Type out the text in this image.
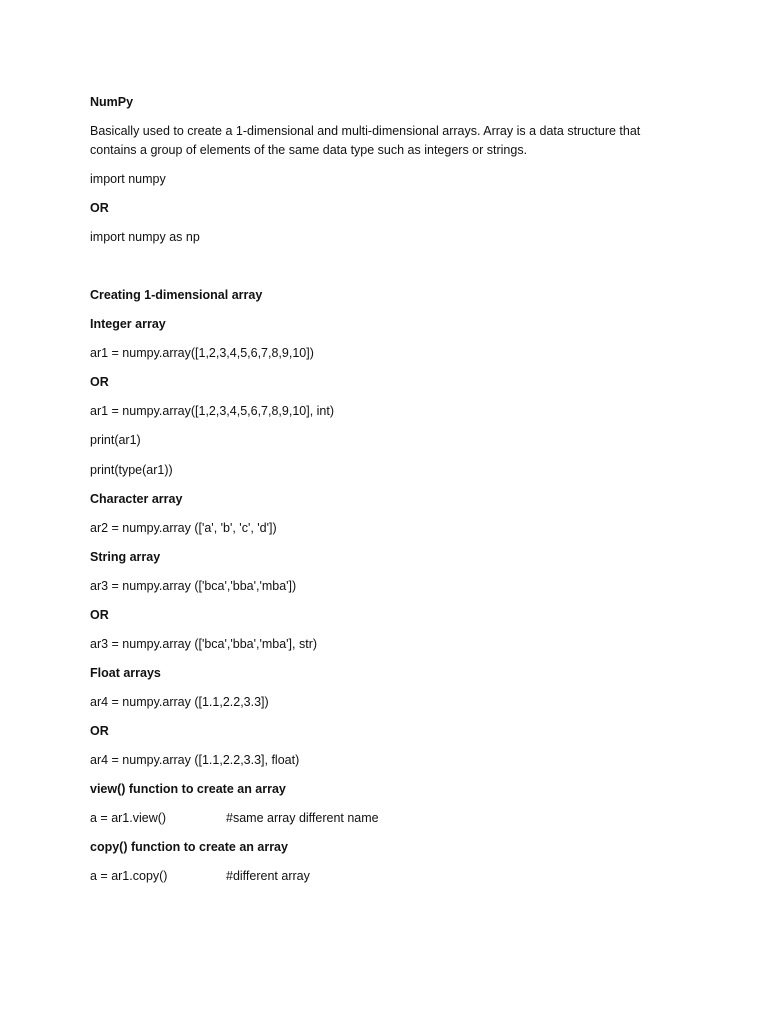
NumPy
Basically used to create a 1-dimensional and multi-dimensional arrays. Array is a data structure that contains a group of elements of the same data type such as integers or strings.
import numpy
OR
import numpy as np
Creating 1-dimensional array
Integer array
ar1 = numpy.array([1,2,3,4,5,6,7,8,9,10])
OR
ar1 = numpy.array([1,2,3,4,5,6,7,8,9,10], int)
print(ar1)
print(type(ar1))
Character array
ar2 = numpy.array (['a', 'b', 'c', 'd'])
String array
ar3 = numpy.array (['bca','bba','mba'])
OR
ar3 = numpy.array (['bca','bba','mba'], str)
Float arrays
ar4 = numpy.array ([1.1,2.2,3.3])
OR
ar4 = numpy.array ([1.1,2.2,3.3], float)
view() function to create an array
a = ar1.view()	#same array different name
copy() function to create an array
a = ar1.copy()	#different array
